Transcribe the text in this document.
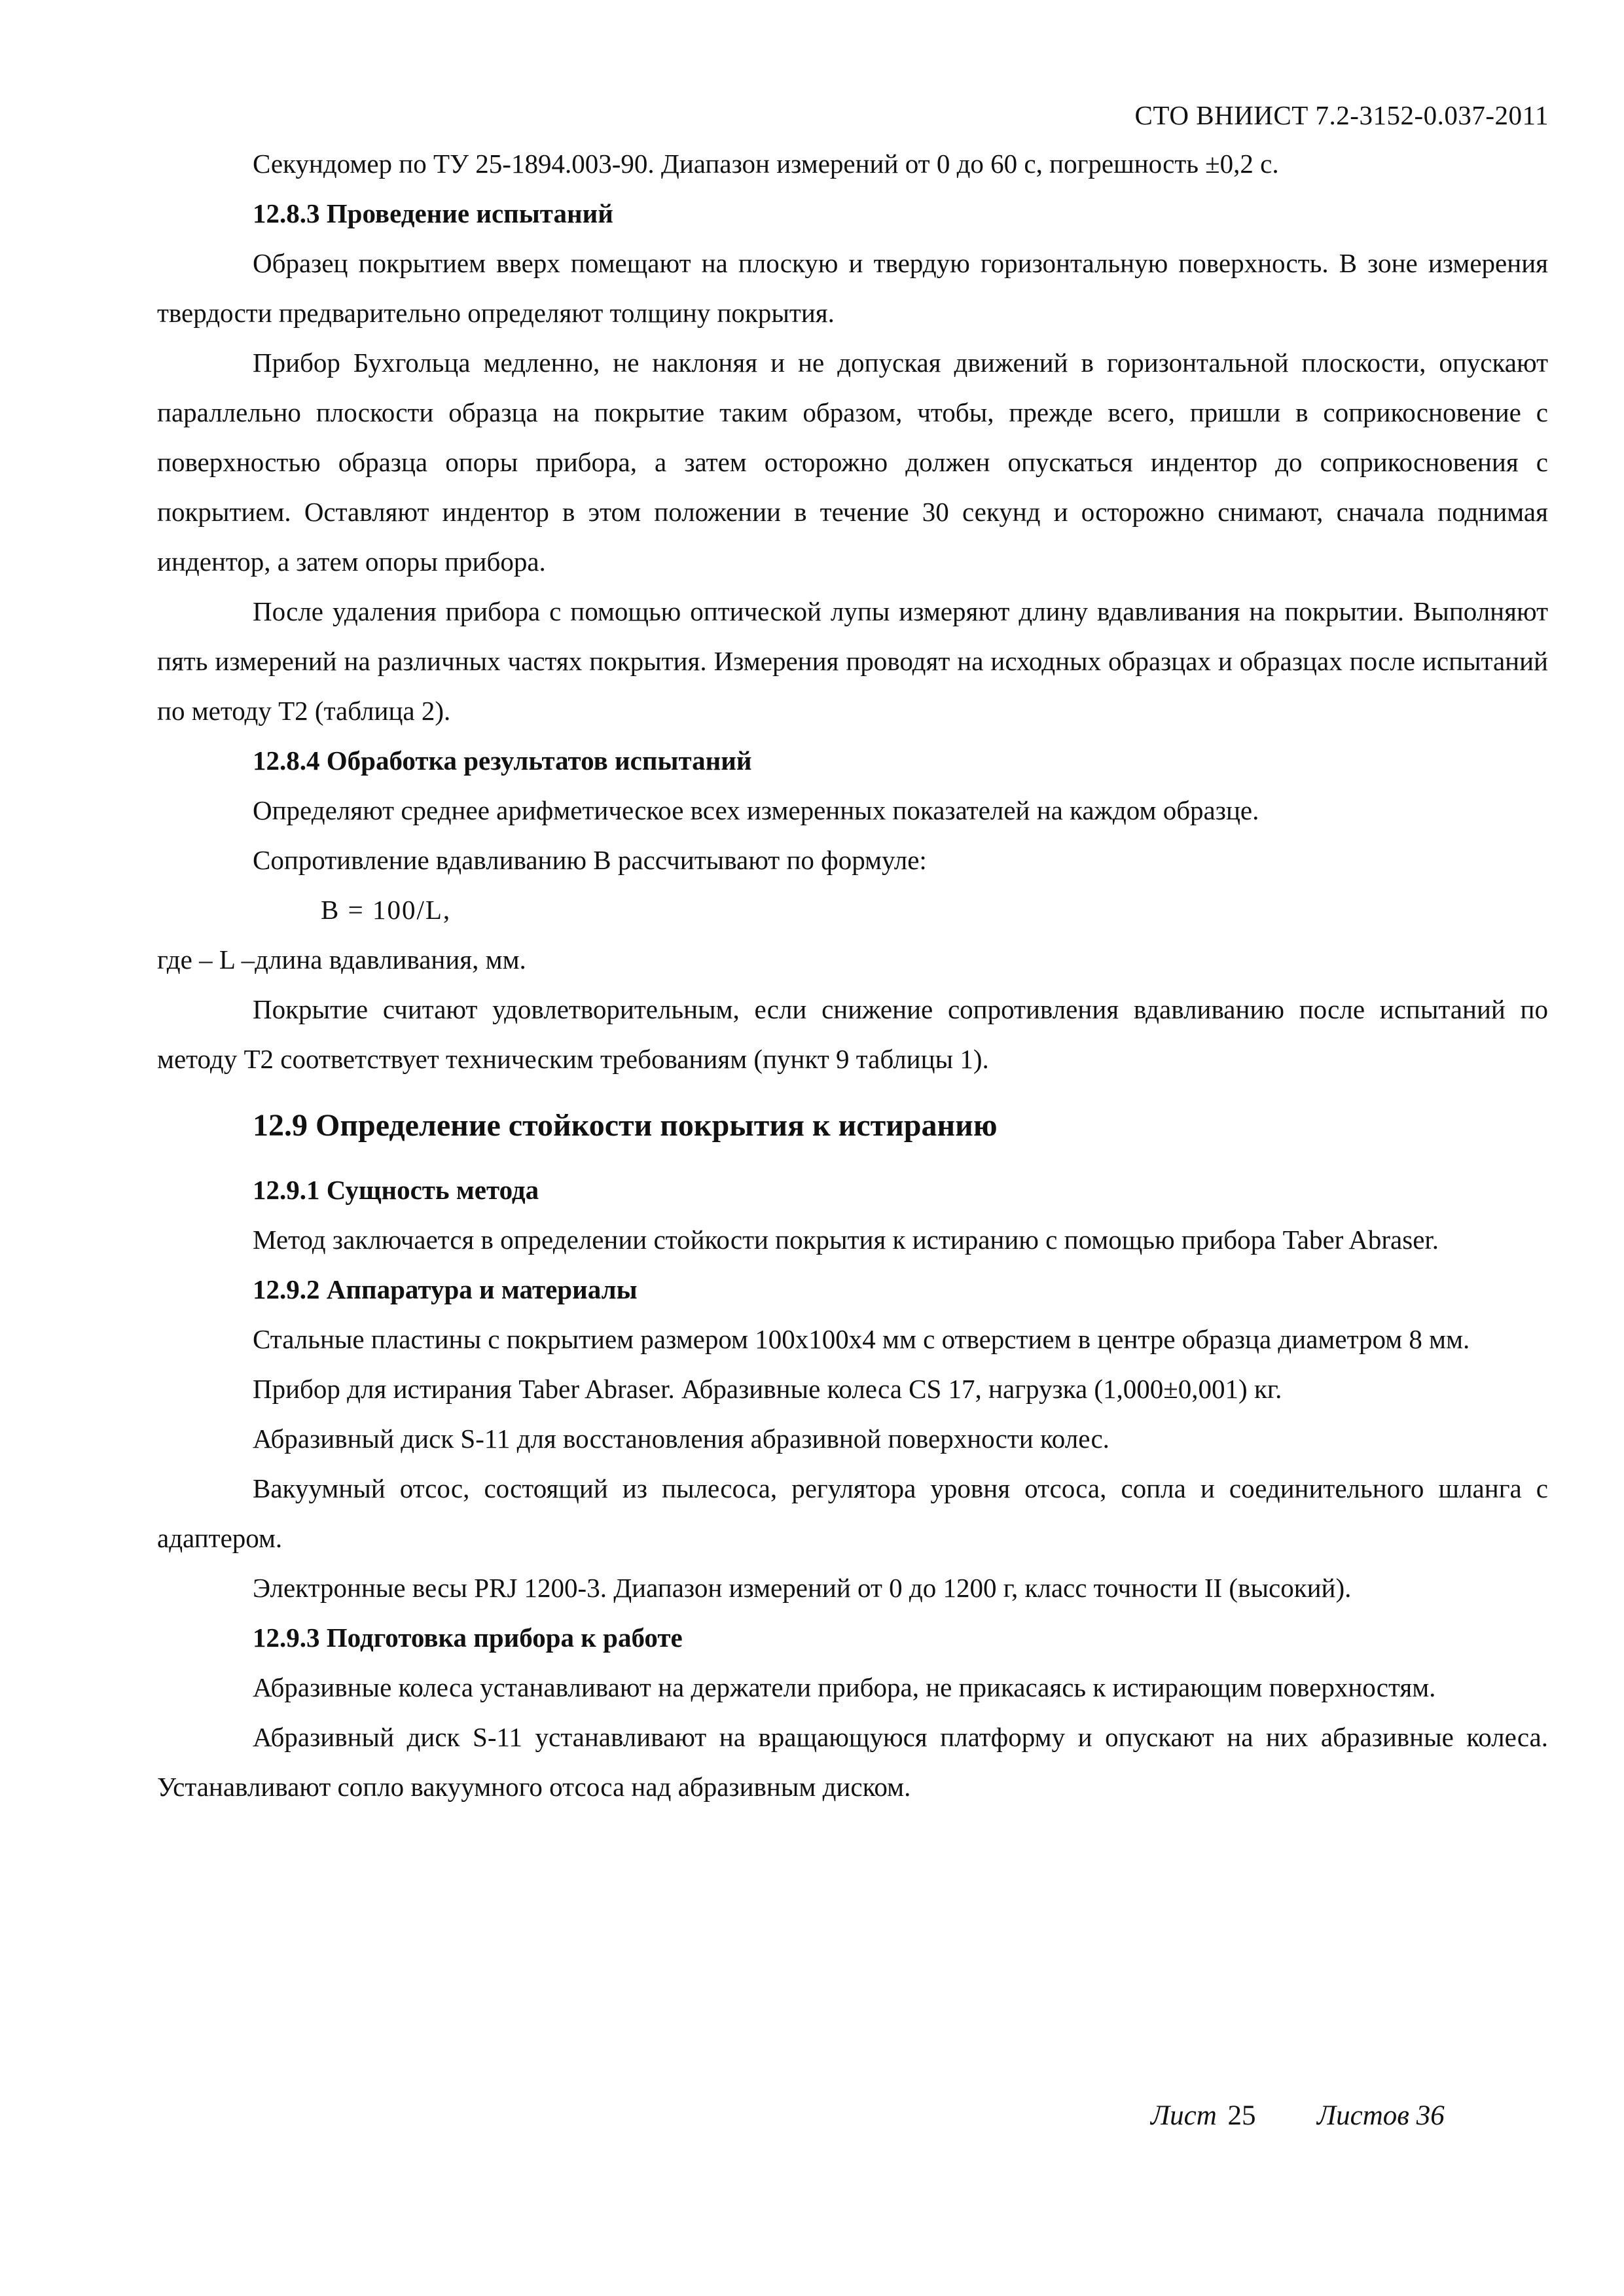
СТО ВНИИСТ 7.2-3152-0.037-2011

Секундомер по ТУ 25-1894.003-90. Диапазон измерений от 0 до 60 с, погрешность ±0,2 с.

12.8.3 Проведение испытаний

Образец покрытием вверх помещают на плоскую и твердую горизонтальную поверхность. В зоне измерения твердости предварительно определяют толщину покрытия.

Прибор Бухгольца медленно, не наклоняя и не допуская движений в горизонтальной плоскости, опускают параллельно плоскости образца на покрытие таким образом, чтобы, прежде всего, пришли в соприкосновение с поверхностью образца опоры прибора, а затем осторожно должен опускаться индентор до соприкосновения с покрытием. Оставляют индентор в этом положении в течение 30 секунд и осторожно снимают, сначала поднимая индентор, а затем опоры прибора.

После удаления прибора с помощью оптической лупы измеряют длину вдавливания на покрытии. Выполняют пять измерений на различных частях покрытия. Измерения проводят на исходных образцах и образцах после испытаний по методу Т2 (таблица 2).

12.8.4 Обработка результатов испытаний

Определяют среднее арифметическое всех измеренных показателей на каждом образце.

Сопротивление вдавливанию В рассчитывают по формуле:

B = 100/L,

где – L –длина вдавливания, мм.

Покрытие считают удовлетворительным, если снижение сопротивления вдавливанию после испытаний по методу Т2 соответствует техническим требованиям (пункт 9 таблицы 1).

12.9 Определение стойкости покрытия к истиранию
12.9.1 Сущность метода

Метод заключается в определении стойкости покрытия к истиранию с помощью прибора Taber Abraser.

12.9.2 Аппаратура и материалы

Стальные пластины с покрытием размером 100х100х4 мм с отверстием в центре образца диаметром 8 мм.

Прибор для истирания Taber Abraser. Абразивные колеса CS 17, нагрузка (1,000±0,001) кг.

Абразивный диск S-11 для восстановления абразивной поверхности колес.

Вакуумный отсос, состоящий из пылесоса, регулятора уровня отсоса, сопла и соединительного шланга с адаптером.

Электронные весы PRJ 1200-3. Диапазон измерений от 0 до 1200 г, класс точности II (высокий).

12.9.3 Подготовка прибора к работе

Абразивные колеса устанавливают на держатели прибора, не прикасаясь к истирающим поверхностям.

Абразивный диск S-11 устанавливают на вращающуюся платформу и опускают на них абразивные колеса. Устанавливают сопло вакуумного отсоса над абразивным диском.

Лист 25 Листов 36
